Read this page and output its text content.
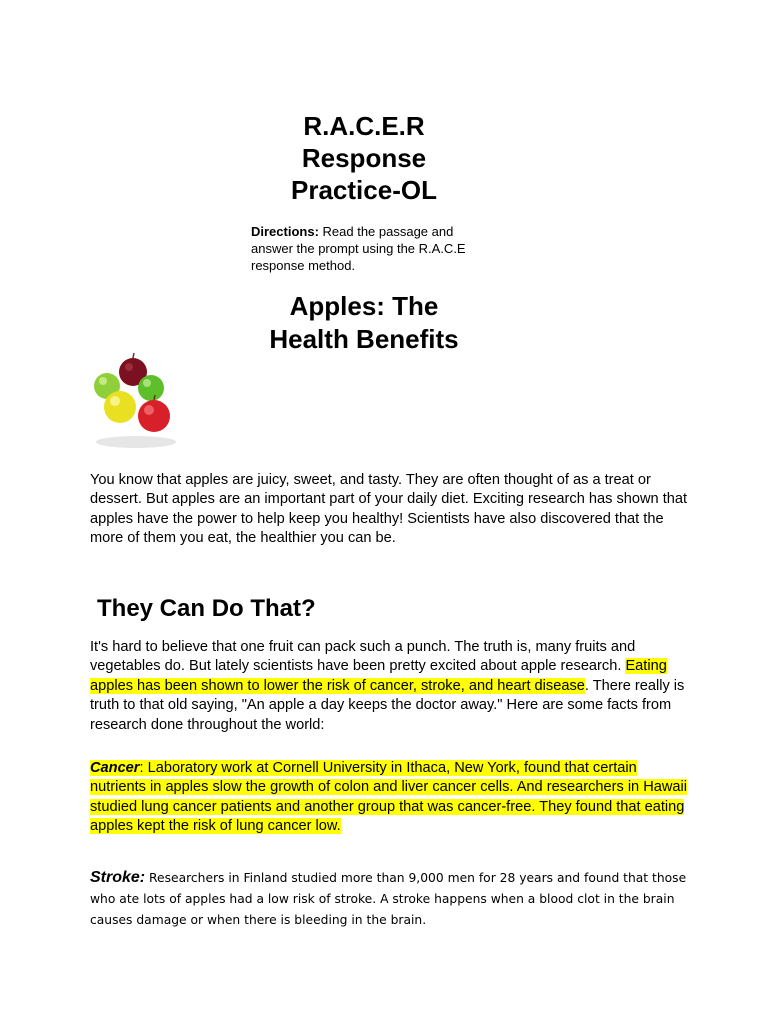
R.A.C.E.R
Response
Practice-OL
Directions: Read the passage and answer the prompt using the R.A.C.E response method.
Apples: The
Health Benefits
You know that apples are juicy, sweet, and tasty. They are often thought of as a treat or dessert. But apples are an important part of your daily diet. Exciting research has shown that apples have the power to help keep you healthy! Scientists have also discovered that the more of them you eat, the healthier you can be.
They Can Do That?
It's hard to believe that one fruit can pack such a punch. The truth is, many fruits and vegetables do. But lately scientists have been pretty excited about apple research. Eating apples has been shown to lower the risk of cancer, stroke, and heart disease. There really is truth to that old saying, "An apple a day keeps the doctor away." Here are some facts from research done throughout the world:
Cancer: Laboratory work at Cornell University in Ithaca, New York, found that certain nutrients in apples slow the growth of colon and liver cancer cells. And researchers in Hawaii studied lung cancer patients and another group that was cancer-free. They found that eating apples kept the risk of lung cancer low.
Stroke: Researchers in Finland studied more than 9,000 men for 28 years and found that those who ate lots of apples had a low risk of stroke. A stroke happens when a blood clot in the brain causes damage or when there is bleeding in the brain.
